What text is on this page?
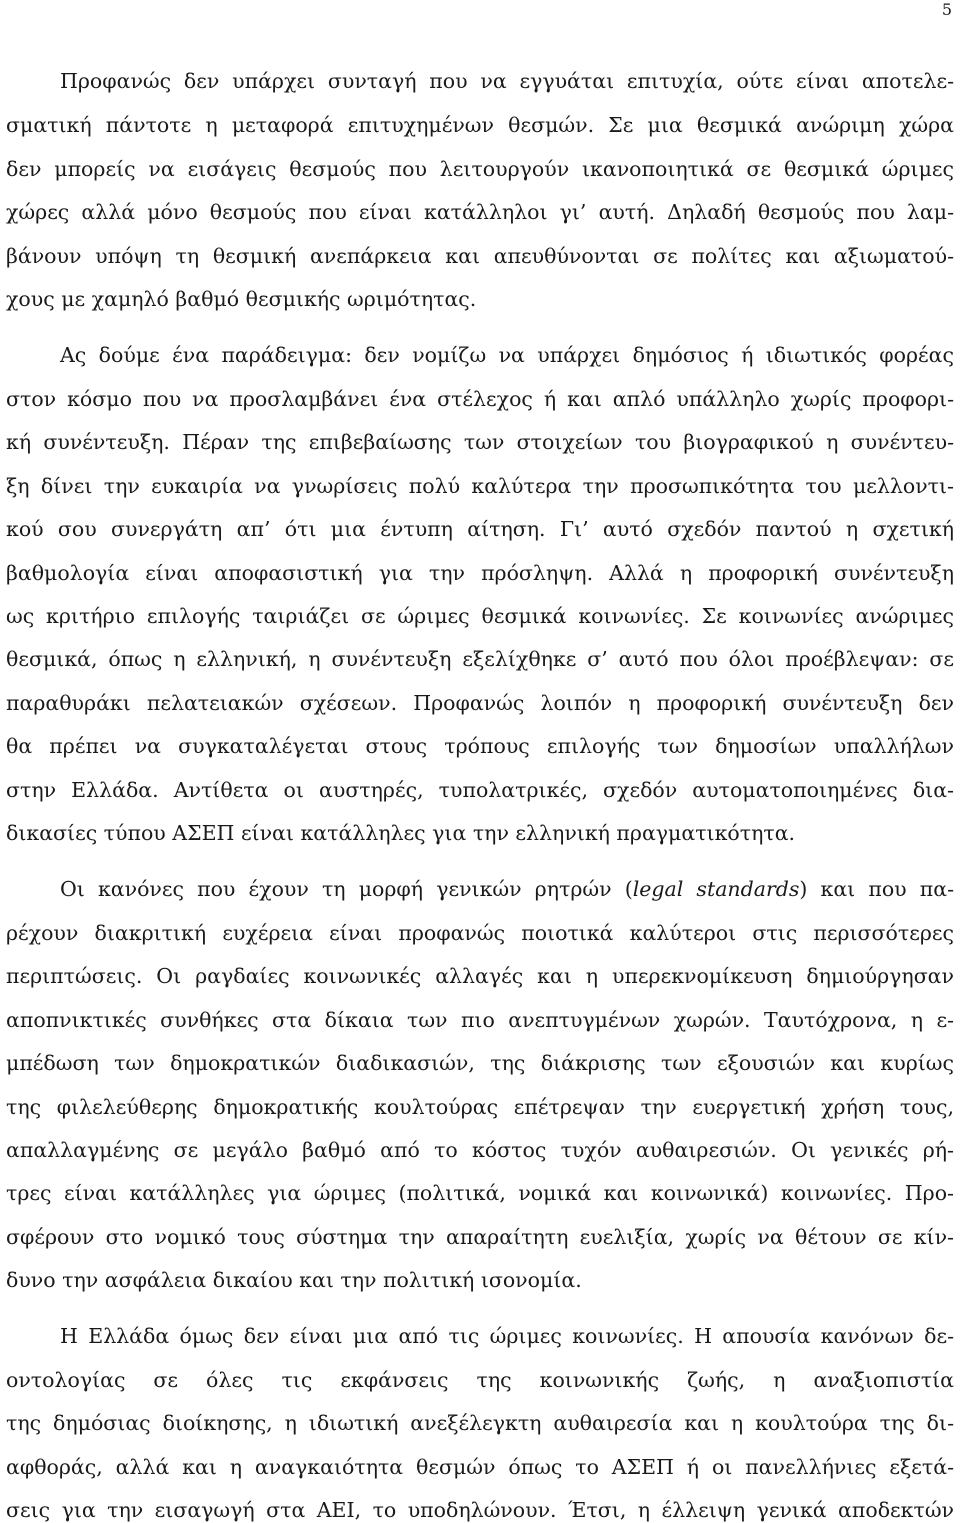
5
Προφανώς δεν υπάρχει συνταγή που να εγγυάται επιτυχία, ούτε είναι αποτελε-
σματική πάντοτε η μεταφορά επιτυχημένων θεσμών. Σε μια θεσμικά ανώριμη χώρα
δεν μπορείς να εισάγεις θεσμούς που λειτουργούν ικανοποιητικά σε θεσμικά ώριμες
χώρες αλλά μόνο θεσμούς που είναι κατάλληλοι γι’ αυτή. Δηλαδή θεσμούς που λαμ-
βάνουν υπόψη τη θεσμική ανεπάρκεια και απευθύνονται σε πολίτες και αξιωματού-
χους με χαμηλό βαθμό θεσμικής ωριμότητας.
Ας δούμε ένα παράδειγμα: δεν νομίζω να υπάρχει δημόσιος ή ιδιωτικός φορέας
στον κόσμο που να προσλαμβάνει ένα στέλεχος ή και απλό υπάλληλο χωρίς προφορι-
κή συνέντευξη. Πέραν της επιβεβαίωσης των στοιχείων του βιογραφικού η συνέντευ-
ξη δίνει την ευκαιρία να γνωρίσεις πολύ καλύτερα την προσωπικότητα του μελλοντι-
κού σου συνεργάτη απ’ ότι μια έντυπη αίτηση. Γι’ αυτό σχεδόν παντού η σχετική
βαθμολογία είναι αποφασιστική για την πρόσληψη. Αλλά η προφορική συνέντευξη
ως κριτήριο επιλογής ταιριάζει σε ώριμες θεσμικά κοινωνίες. Σε κοινωνίες ανώριμες
θεσμικά, όπως η ελληνική, η συνέντευξη εξελίχθηκε σ’ αυτό που όλοι προέβλεψαν: σε
παραθυράκι πελατειακών σχέσεων. Προφανώς λοιπόν η προφορική συνέντευξη δεν
θα πρέπει να συγκαταλέγεται στους τρόπους επιλογής των δημοσίων υπαλλήλων
στην Ελλάδα. Αντίθετα οι αυστηρές, τυπολατρικές, σχεδόν αυτοματοποιημένες δια-
δικασίες τύπου ΑΣΕΠ είναι κατάλληλες για την ελληνική πραγματικότητα.
Οι κανόνες που έχουν τη μορφή γενικών ρητρών (legal standards) και που πα-
ρέχουν διακριτική ευχέρεια είναι προφανώς ποιοτικά καλύτεροι στις περισσότερες
περιπτώσεις. Οι ραγδαίες κοινωνικές αλλαγές και η υπερεκνομίκευση δημιούργησαν
αποπνικτικές συνθήκες στα δίκαια των πιο ανεπτυγμένων χωρών. Ταυτόχρονα, η ε-
μπέδωση των δημοκρατικών διαδικασιών, της διάκρισης των εξουσιών και κυρίως
της φιλελεύθερης δημοκρατικής κουλτούρας επέτρεψαν την ευεργετική χρήση τους,
απαλλαγμένης σε μεγάλο βαθμό από το κόστος τυχόν αυθαιρεσιών. Οι γενικές ρή-
τρες είναι κατάλληλες για ώριμες (πολιτικά, νομικά και κοινωνικά) κοινωνίες. Προ-
σφέρουν στο νομικό τους σύστημα την απαραίτητη ευελιξία, χωρίς να θέτουν σε κίν-
δυνο την ασφάλεια δικαίου και την πολιτική ισονομία.
Η Ελλάδα όμως δεν είναι μια από τις ώριμες κοινωνίες. Η απουσία κανόνων δε-
οντολογίας σε όλες τις εκφάνσεις της κοινωνικής ζωής, η αναξιοπιστία
της δημόσιας διοίκησης, η ιδιωτική ανεξέλεγκτη αυθαιρεσία και η κουλτούρα της δι-
αφθοράς, αλλά και η αναγκαιότητα θεσμών όπως το ΑΣΕΠ ή οι πανελλήνιες εξετά-
σεις για την εισαγωγή στα ΑΕΙ, το υποδηλώνουν. Έτσι, η έλλειψη γενικά αποδεκτών
